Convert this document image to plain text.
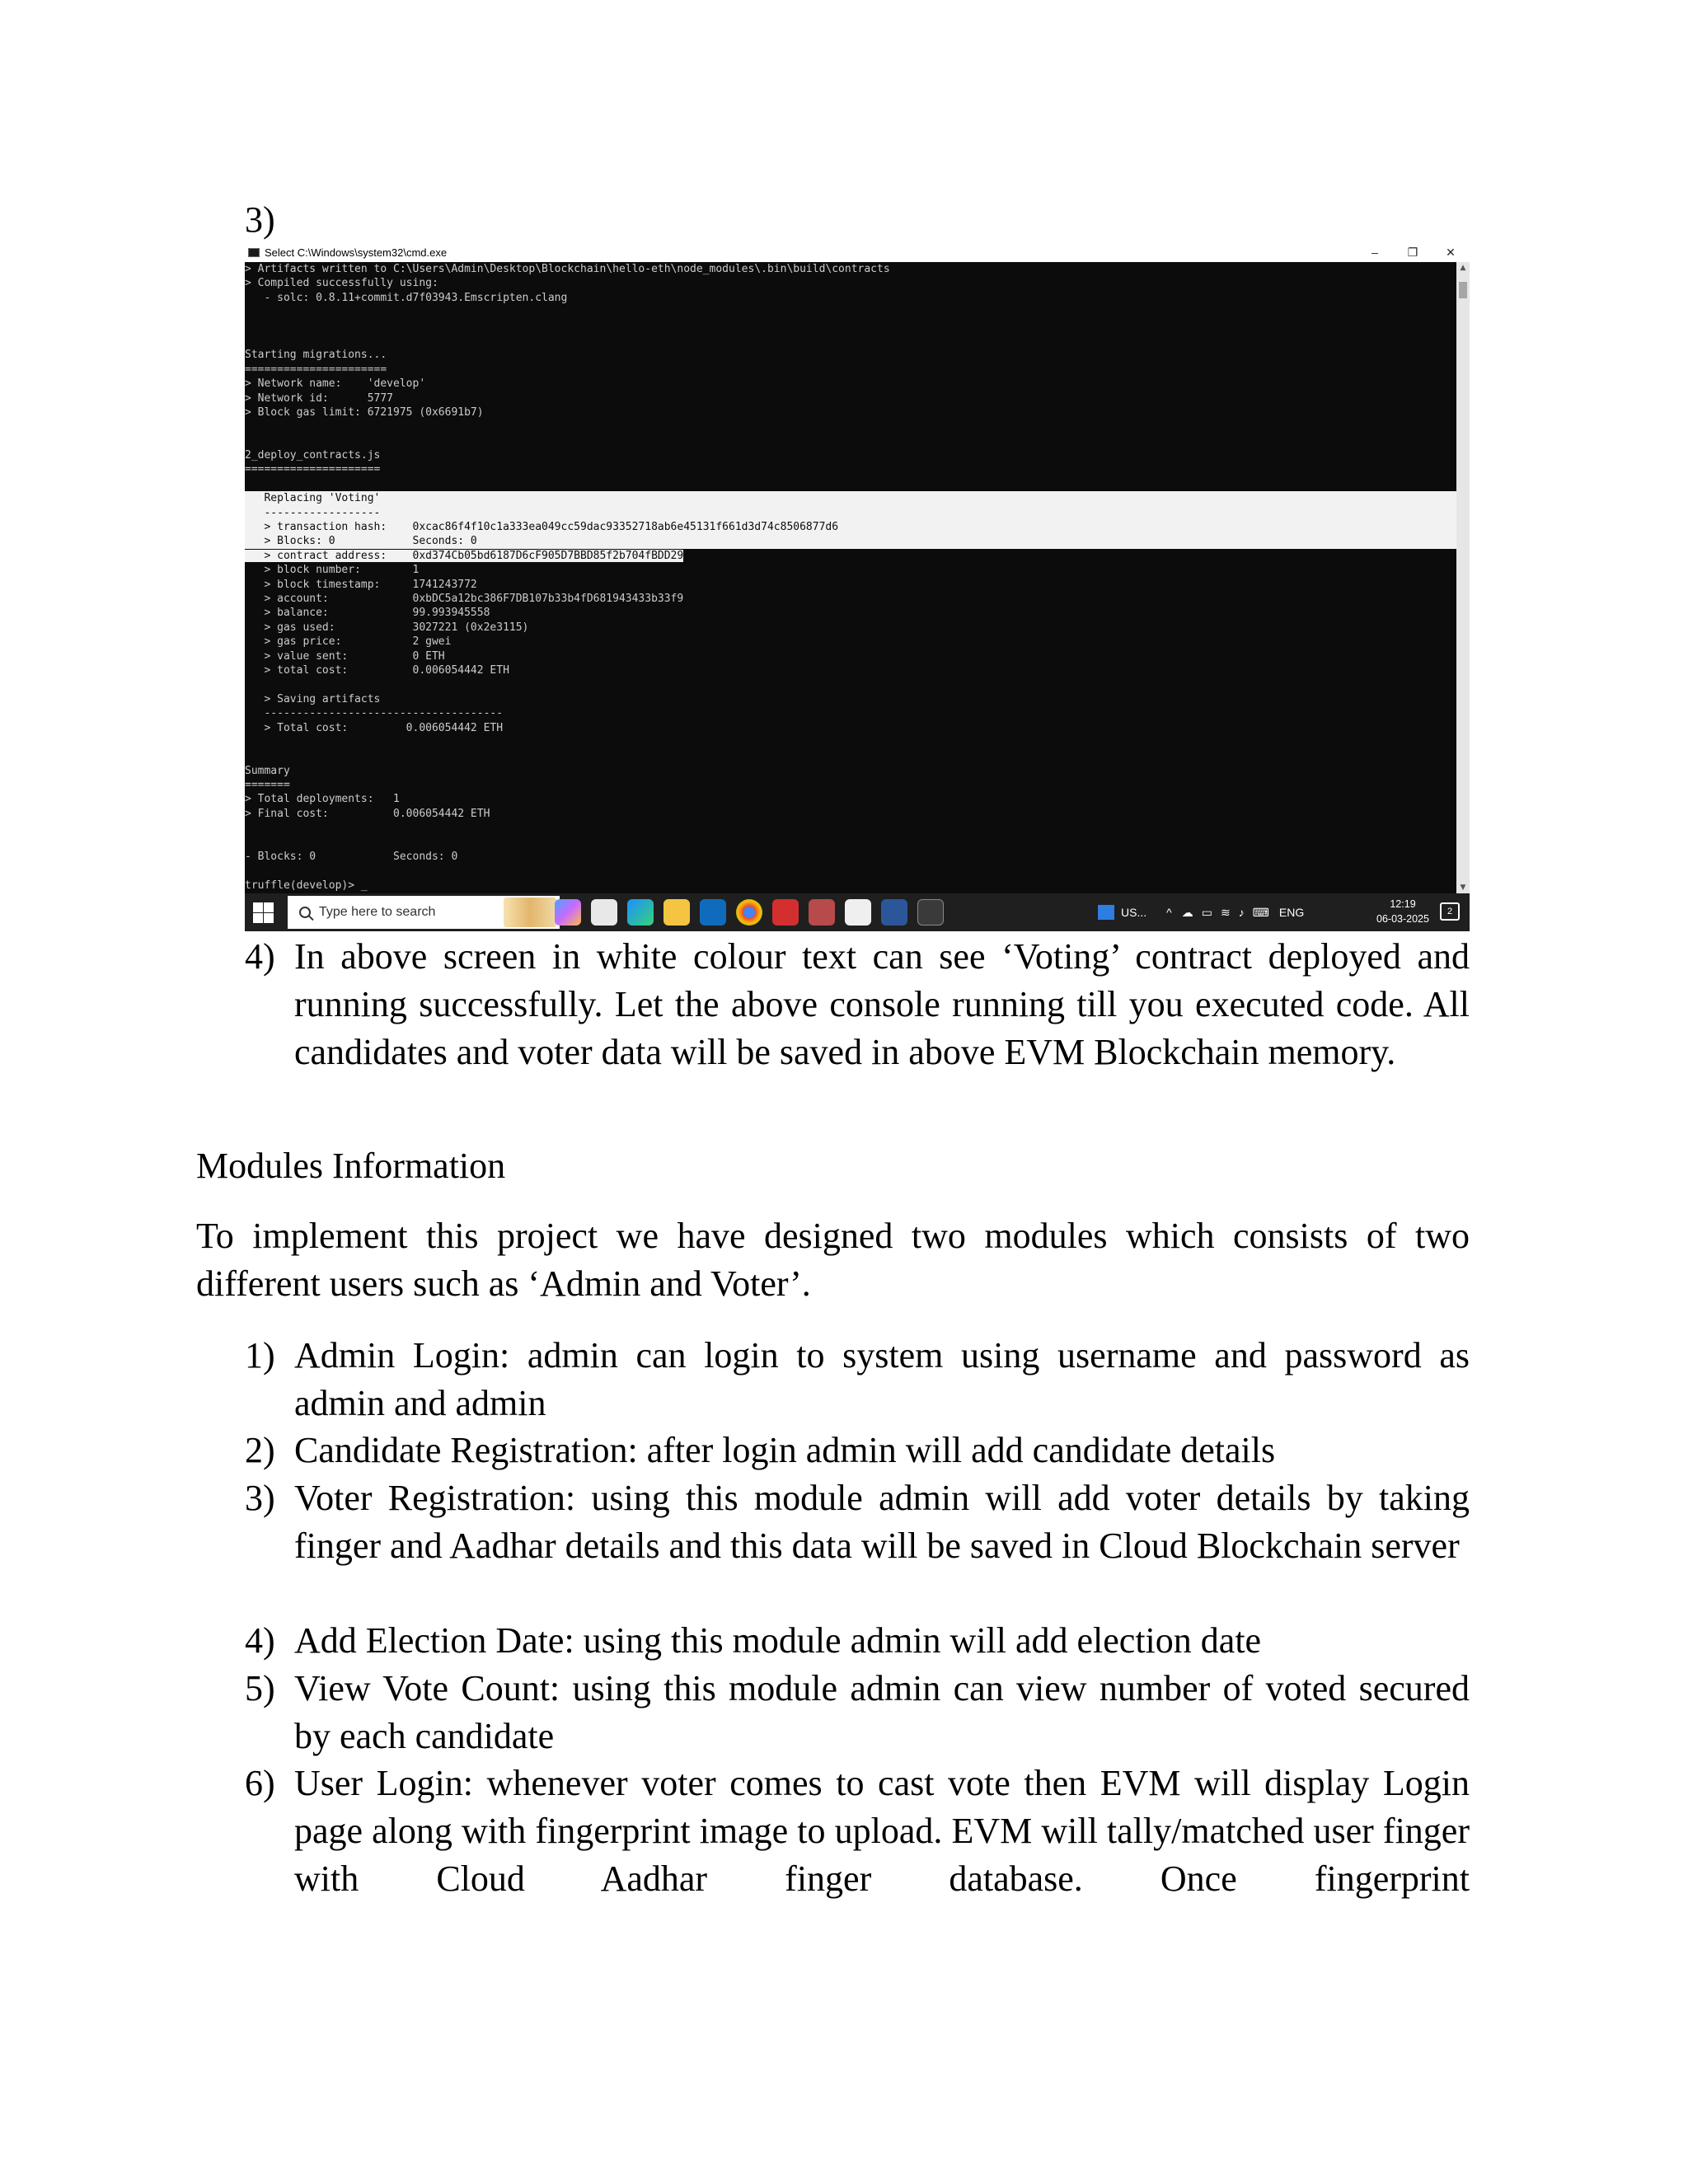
3)
Select C:\Windows\system32\cmd.exe	–	❐	✕
> Artifacts written to C:\Users\Admin\Desktop\Blockchain\hello-eth\node_modules\.bin\build\contracts
> Compiled successfully using:
- solc: 0.8.11+commit.d7f03943.Emscripten.clang
Starting migrations...
======================
> Network name:    'develop'
> Network id:      5777
> Block gas limit: 6721975 (0x6691b7)
2_deploy_contracts.js
=====================
Replacing 'Voting'
------------------
> transaction hash:    0xcac86f4f10c1a333ea049cc59dac93352718ab6e45131f661d3d74c8506877d6
> Blocks: 0            Seconds: 0
> contract address:    0xd374Cb05bd6187D6cF905D7BBD85f2b704fBDD29
> block number:        1
> block timestamp:     1741243772
> account:             0xbDC5a12bc386F7DB107b33b4fD681943433b33f9
> balance:             99.993945558
> gas used:            3027221 (0x2e3115)
> gas price:           2 gwei
> value sent:          0 ETH
> total cost:          0.006054442 ETH
> Saving artifacts
-------------------------------------
> Total cost:         0.006054442 ETH
Summary
=======
> Total deployments:   1
> Final cost:          0.006054442 ETH
- Blocks: 0            Seconds: 0
truffle(develop)> _
▲
▼
Type here to search	US... ^ ☁ ▭ ≋ ♪ ⌨ ENG
12:19
06-03-2025
2
4) In above screen in white colour text can see ‘Voting’ contract deployed and running successfully. Let the above console running till you executed code. All candidates and voter data will be saved in above EVM Blockchain memory.
Modules Information
To implement this project we have designed two modules which consists of two different users such as ‘Admin and Voter’.
1) Admin Login: admin can login to system using username and password as admin and admin
2) Candidate Registration: after login admin will add candidate details
3) Voter Registration: using this module admin will add voter details by taking finger and Aadhar details and this data will be saved in Cloud Blockchain server
4) Add Election Date: using this module admin will add election date
5) View Vote Count: using this module admin can view number of voted secured by each candidate
6) User Login: whenever voter comes to cast vote then EVM will display Login page along with fingerprint image to upload. EVM will tally/matched user finger with Cloud Aadhar finger database. Once fingerprint
